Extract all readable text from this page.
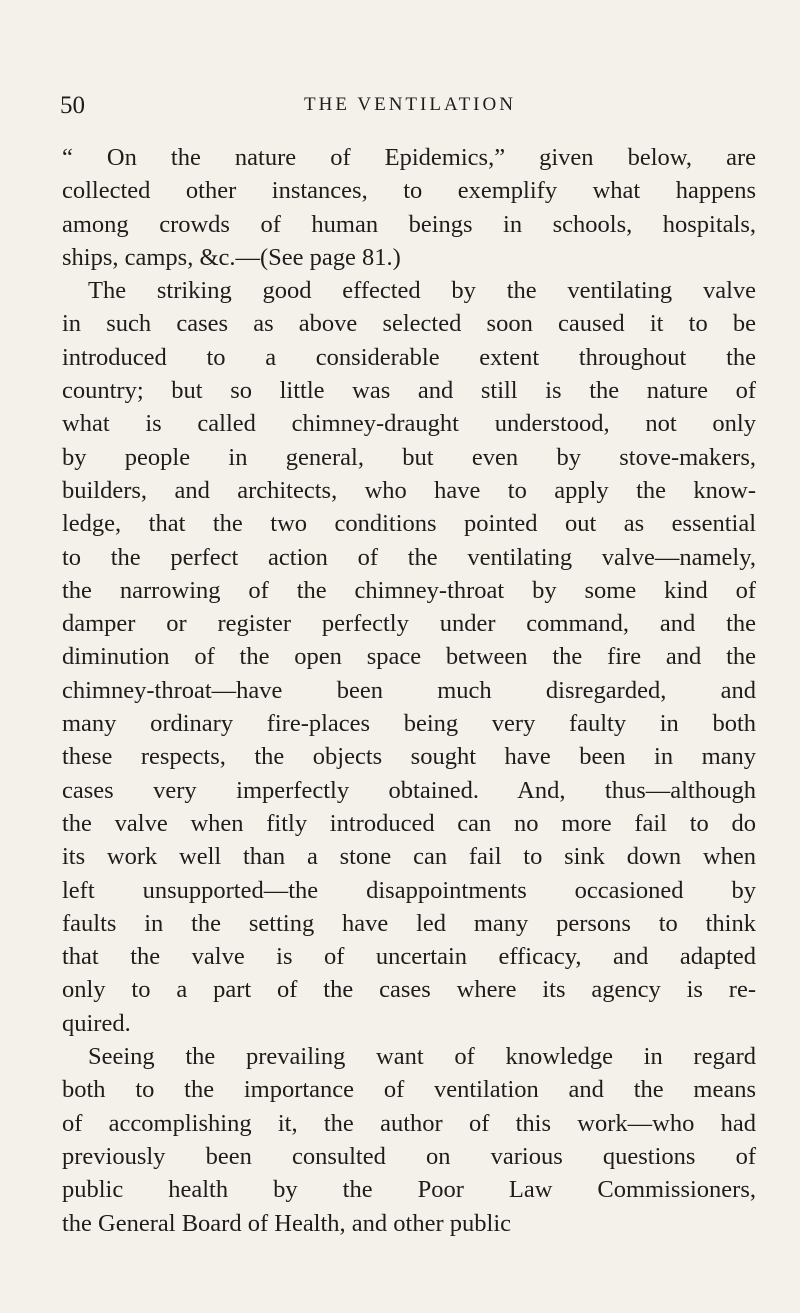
50	THE VENTILATION
“ On the nature of Epidemics,” given below, are
collected other instances, to exemplify what happens
among crowds of human beings in schools, hospitals,
ships, camps, &c.—(See page 81.)
The striking good effected by the ventilating valve
in such cases as above selected soon caused it to be
introduced to a considerable extent throughout the
country; but so little was and still is the nature of
what is called chimney-draught understood, not only
by people in general, but even by stove-makers,
builders, and architects, who have to apply the know-
ledge, that the two conditions pointed out as essential
to the perfect action of the ventilating valve—namely,
the narrowing of the chimney-throat by some kind of
damper or register perfectly under command, and the
diminution of the open space between the fire and the
chimney-throat—have been much disregarded, and
many ordinary fire-places being very faulty in both
these respects, the objects sought have been in many
cases very imperfectly obtained. And, thus—although
the valve when fitly introduced can no more fail to do
its work well than a stone can fail to sink down when
left unsupported—the disappointments occasioned by
faults in the setting have led many persons to think
that the valve is of uncertain efficacy, and adapted
only to a part of the cases where its agency is re-
quired.
Seeing the prevailing want of knowledge in regard
both to the importance of ventilation and the means
of accomplishing it, the author of this work—who had
previously been consulted on various questions of
public health by the Poor Law Commissioners,
the General Board of Health, and other public
